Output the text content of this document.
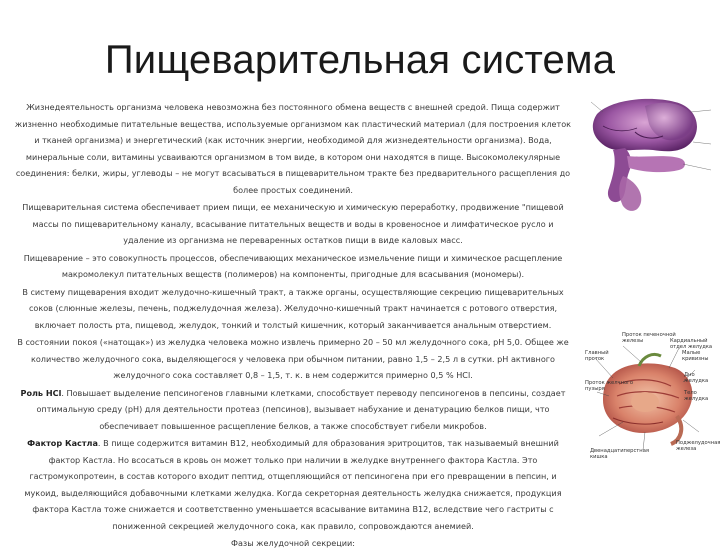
Пищеварительная система

Жизнедеятельность организма человека невозможна без постоянного обмена веществ с внешней средой. Пища содержит жизненно необходимые питательные вещества, используемые организмом как пластический материал (для построения клеток и тканей организма) и энергетический (как источник энергии, необходимой для жизнедеятельности организма). Вода, минеральные соли, витамины усваиваются организмом в том виде, в котором они находятся в пище. Высокомолекулярные соединения: белки, жиры, углеводы – не могут всасываться в пищеварительном тракте без предварительного расщепления до более простых соединений.

Пищеварительная система обеспечивает прием пищи, ее механическую и химическую переработку, продвижение "пищевой массы по пищеварительному каналу, всасывание питательных веществ и воды в кровеносное и лимфатическое русло и удаление из организма не переваренных остатков пищи в виде каловых масс.

Пищеварение – это совокупность процессов, обеспечивающих механическое измельчение пищи и химическое расщепление макромолекул питательных веществ (полимеров) на компоненты, пригодные для всасывания (мономеры).

В систему пищеварения входит желудочно-кишечный тракт, а также органы, осуществляющие секрецию пищеварительных соков (слюнные железы, печень, поджелудочная железа). Желудочно-кишечный тракт начинается с ротового отверстия, включает полость рта, пищевод, желудок, тонкий и толстый кишечник, который заканчивается анальным отверстием.

В состоянии покоя («натощак») из желудка человека можно извлечь примерно 20 – 50 мл желудочного сока, pH 5,0. Общее же количество желудочного сока, выделяющегося у человека при обычном питании, равно 1,5 – 2,5 л в сутки. pH активного желудочного сока составляет 0,8 – 1,5, т. к. в нем содержится примерно 0,5 % HCl.

Роль HCl. Повышает выделение пепсиногенов главными клетками, способствует переводу пепсиногенов в пепсины, создает оптимальную среду (pH) для деятельности протеаз (пепсинов), вызывает набухание и денатурацию белков пищи, что обеспечивает повышенное расщепление белков, а также способствует гибели микробов.

Фактор Кастла. В пище содержится витамин B12, необходимый для образования эритроцитов, так называемый внешний фактор Кастла. Но всосаться в кровь он может только при наличии в желудке внутреннего фактора Кастла. Это гастромукопротеин, в состав которого входит пептид, отщепляющийся от пепсиногена при его превращении в пепсин, и мукоид, выделяющийся добавочными клетками желудка. Когда секреторная деятельность желудка снижается, продукция фактора Кастла тоже снижается и соответственно уменьшается всасывание витамина B12, вследствие чего гастриты с пониженной секрецией желудочного сока, как правило, сопровождаются анемией.

Фазы желудочной секреции:

Проток печеночной
железы	Кардиальный
отдел желудка
Малые
кривизны
Главный
проток
Проток желчного
пузыря
Дно желудка
Тело желудка
Поджелудочная
железа
Двенадцатиперстная
кишка
